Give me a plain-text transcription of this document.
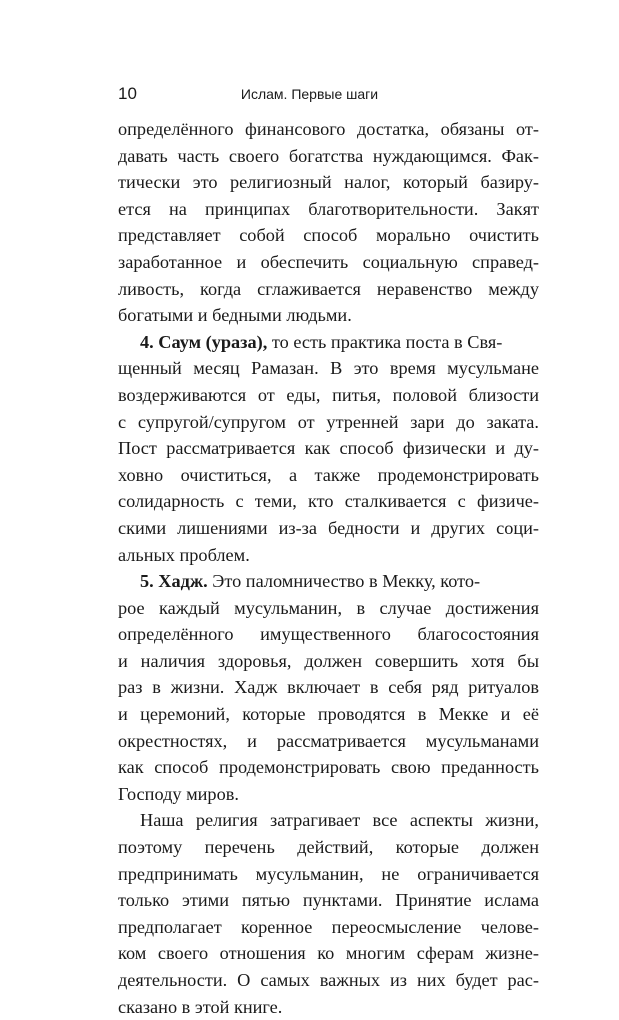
10	Ислам. Первые шаги
определённого финансового достатка, обязаны от-
давать часть своего богатства нуждающимся. Фак-
тически это религиозный налог, который базиру-
ется на принципах благотворительности. Закят
представляет собой способ морально очистить
заработанное и обеспечить социальную справед-
ливость, когда сглаживается неравенство между
богатыми и бедными людьми.
4. Саум (ураза), то есть практика поста в Свя-
щенный месяц Рамазан. В это время мусульмане
воздерживаются от еды, питья, половой близости
с супругой/супругом от утренней зари до заката.
Пост рассматривается как способ физически и ду-
ховно очиститься, а также продемонстрировать
солидарность с теми, кто сталкивается с физиче-
скими лишениями из-за бедности и других соци-
альных проблем.
5. Хадж. Это паломничество в Мекку, кото-
рое каждый мусульманин, в случае достижения
определённого имущественного благосостояния
и наличия здоровья, должен совершить хотя бы
раз в жизни. Хадж включает в себя ряд ритуалов
и церемоний, которые проводятся в Мекке и её
окрестностях, и рассматривается мусульманами
как способ продемонстрировать свою преданность
Господу миров.
Наша религия затрагивает все аспекты жизни,
поэтому перечень действий, которые должен
предпринимать мусульманин, не ограничивается
только этими пятью пунктами. Принятие ислама
предполагает коренное переосмысление челове-
ком своего отношения ко многим сферам жизне-
деятельности. О самых важных из них будет рас-
сказано в этой книге.
